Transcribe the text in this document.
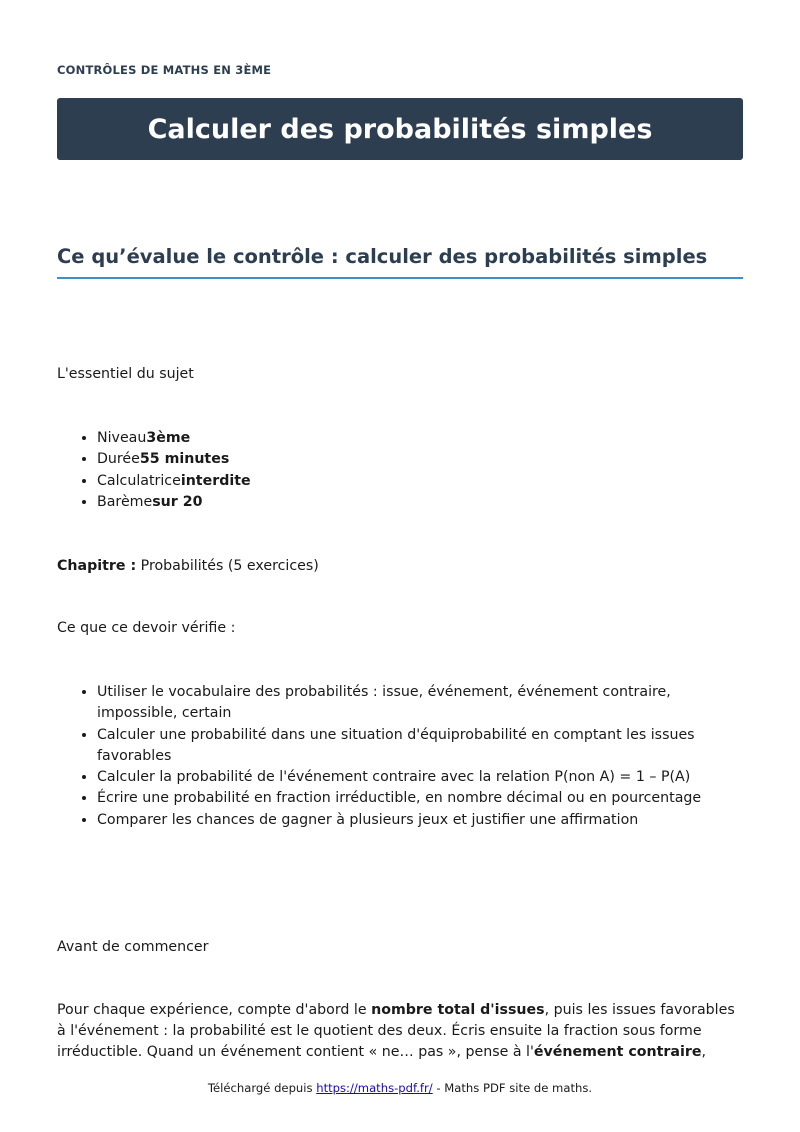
CONTRÔLES DE MATHS EN 3ÈME
Calculer des probabilités simples
Ce qu’évalue le contrôle : calculer des probabilités simples

L'essentiel du sujet

• Niveau3ème
• Durée55 minutes
• Calculatriceinterdite
• Barèmesur 20

Chapitre : Probabilités (5 exercices)

Ce que ce devoir vérifie :

• Utiliser le vocabulaire des probabilités : issue, événement, événement contraire, impossible, certain
• Calculer une probabilité dans une situation d'équiprobabilité en comptant les issues favorables
• Calculer la probabilité de l'événement contraire avec la relation P(non A) = 1 – P(A)
• Écrire une probabilité en fraction irréductible, en nombre décimal ou en pourcentage
• Comparer les chances de gagner à plusieurs jeux et justifier une affirmation

Avant de commencer

Pour chaque expérience, compte d'abord le nombre total d'issues, puis les issues favorables à l'événement : la probabilité est le quotient des deux. Écris ensuite la fraction sous forme irréductible. Quand un événement contient « ne… pas », pense à l'événement contraire,

Téléchargé depuis https://maths-pdf.fr/ - Maths PDF site de maths.
